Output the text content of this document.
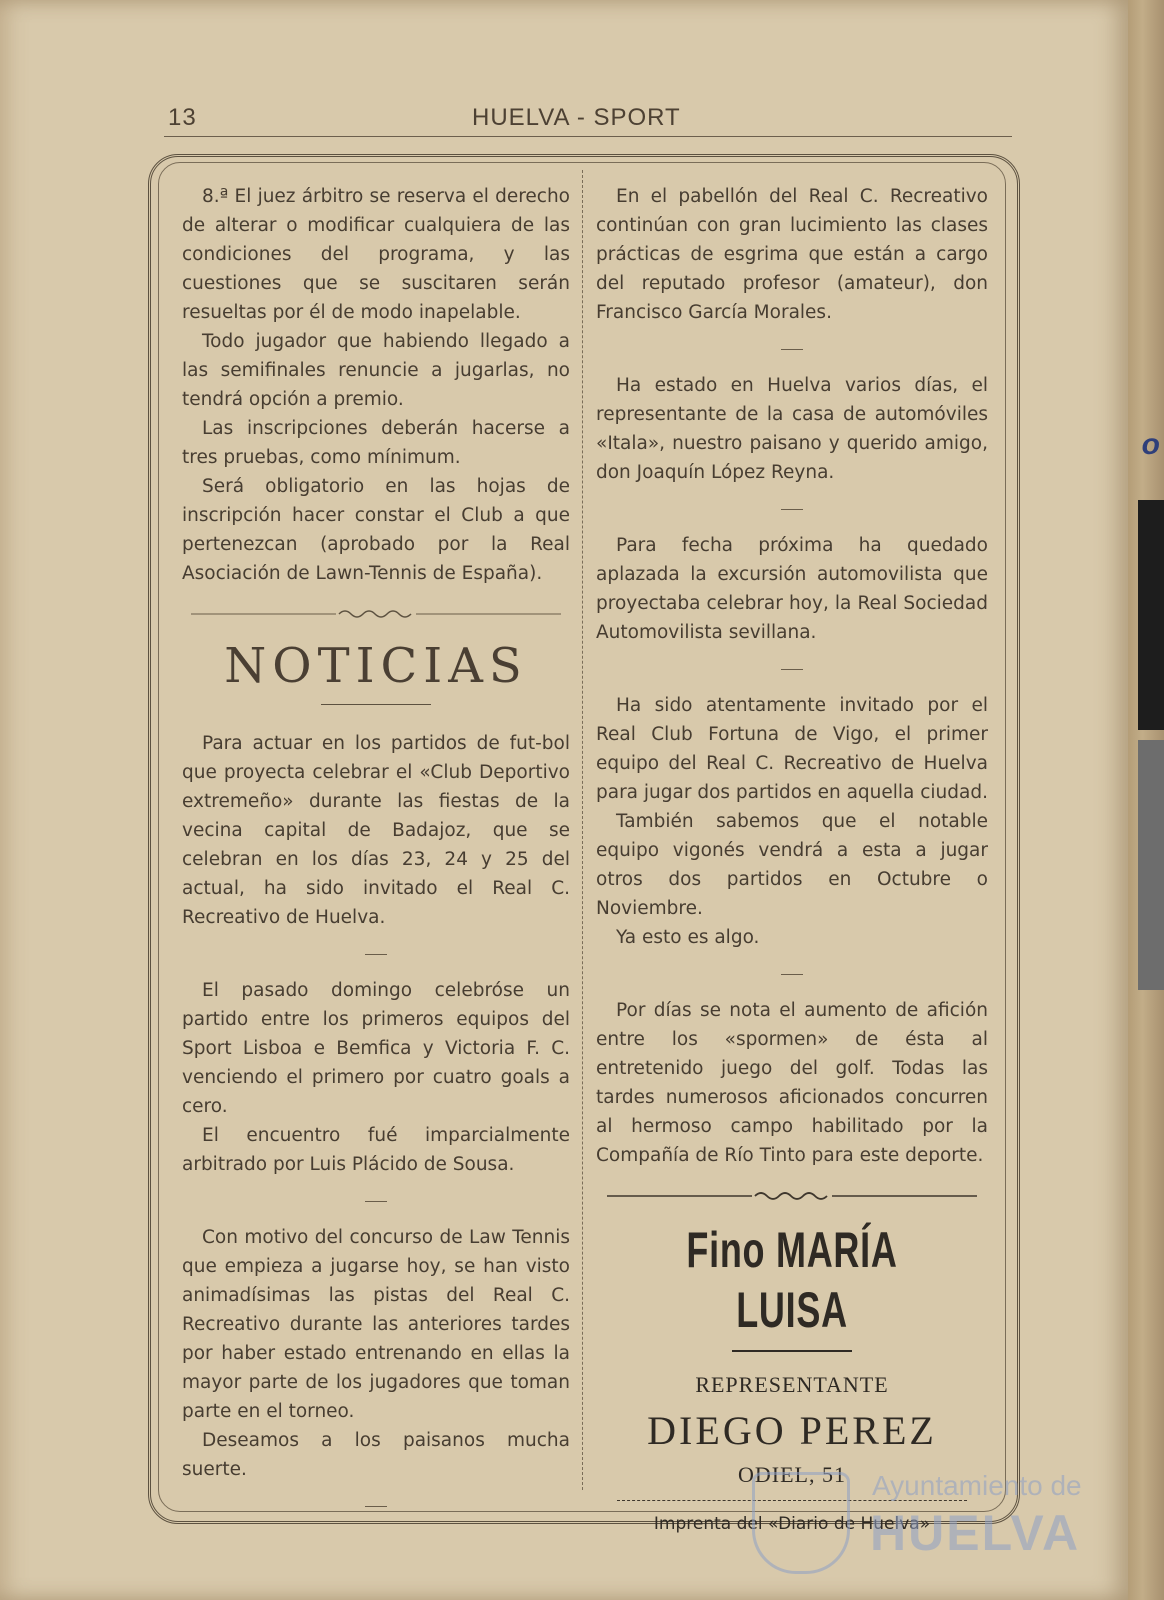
o
13	HUELVA - SPORT

8.ª El juez árbitro se reserva el derecho de alterar o modificar cualquiera de las condiciones del programa, y las cuestiones que se suscitaren serán resueltas por él de modo inapelable.

Todo jugador que habiendo llegado a las semifinales renuncie a jugarlas, no tendrá opción a premio.

Las inscripciones deberán hacerse a tres pruebas, como mínimum.

Será obligatorio en las hojas de inscripción hacer constar el Club a que pertenezcan (aprobado por la Real Asociación de Lawn-Tennis de España).

NOTICIAS

Para actuar en los partidos de fut-bol que proyecta celebrar el «Club Deportivo extremeño» durante las fiestas de la vecina capital de Badajoz, que se celebran en los días 23, 24 y 25 del actual, ha sido invitado el Real C. Recreativo de Huelva.

El pasado domingo celebróse un partido entre los primeros equipos del Sport Lisboa e Bemfica y Victoria F. C. venciendo el primero por cuatro goals a cero.

El encuentro fué imparcialmente arbitrado por Luis Plácido de Sousa.

Con motivo del concurso de Law Tennis que empieza a jugarse hoy, se han visto animadísimas las pistas del Real C. Recreativo durante las anteriores tardes por haber estado entrenando en ellas la mayor parte de los jugadores que toman parte en el torneo.

Deseamos a los paisanos mucha suerte.

En el pabellón del Real C. Recreativo continúan con gran lucimiento las clases prácticas de esgrima que están a cargo del reputado profesor (amateur), don Francisco García Morales.

Ha estado en Huelva varios días, el representante de la casa de automóviles «Itala», nuestro paisano y querido amigo, don Joaquín López Reyna.

Para fecha próxima ha quedado aplazada la excursión automovilista que proyectaba celebrar hoy, la Real Sociedad Automovilista sevillana.

Ha sido atentamente invitado por el Real Club Fortuna de Vigo, el primer equipo del Real C. Recreativo de Huelva para jugar dos partidos en aquella ciudad.

También sabemos que el notable equipo vigonés vendrá a esta a jugar otros dos partidos en Octubre o Noviembre.

Ya esto es algo.

Por días se nota el aumento de afición entre los «spormen» de ésta al entretenido juego del golf. Todas las tardes numerosos aficionados concurren al hermoso campo habilitado por la Compañía de Río Tinto para este deporte.

Fino MARÍA LUISA
REPRESENTANTE
DIEGO PEREZ
ODIEL, 51
Imprenta del «Diario de Huelva»
Ayuntamiento de
HUELVA
